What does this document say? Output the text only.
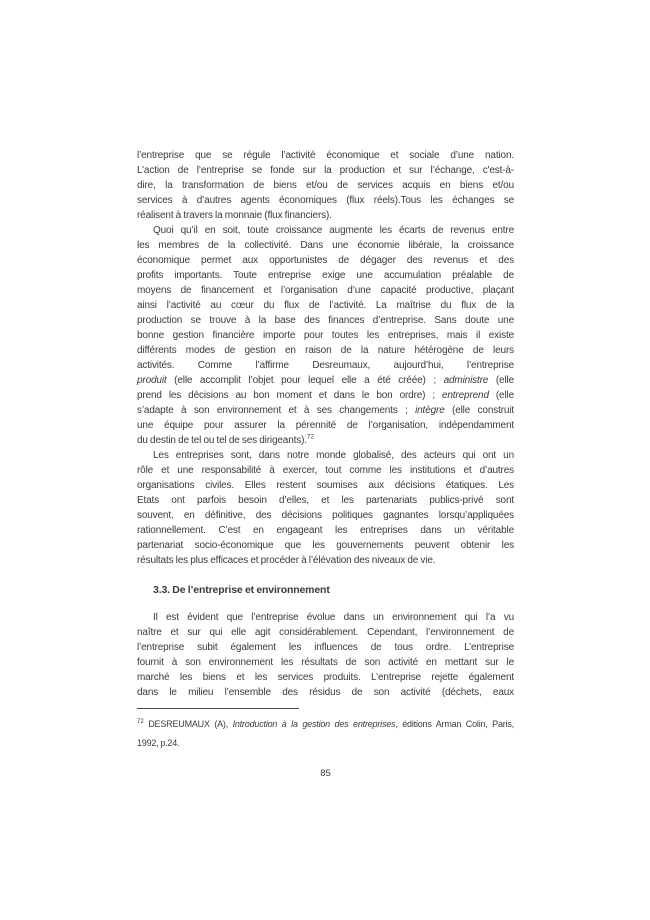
l’entreprise que se régule l’activité économique et sociale d’une nation.
L’action de l’entreprise se fonde sur la production et sur l’échange, c'est-à-
dire, la transformation de biens et/ou de services acquis en biens et/ou
services à d’autres agents économiques (flux réels).Tous les échanges se
réalisent à travers la monnaie (flux financiers).
Quoi qu’il en soit, toute croissance augmente les écarts de revenus entre
les membres de la collectivité. Dans une économie libérale, la croissance
économique permet aux opportunistes de dégager des revenus et des
profits importants. Toute entreprise exige une accumulation préalable de
moyens de financement et l’organisation d’une capacité productive, plaçant
ainsi l’activité au cœur du flux de l’activité. La maîtrise du flux de la
production se trouve à la base des finances d’entreprise. Sans doute une
bonne gestion financière importe pour toutes les entreprises, mais il existe
différents modes de gestion en raison de la nature hétérogène de leurs
activités. Comme l’affirme Desreumaux, aujourd’hui, l’entreprise
produit (elle accomplit l’objet pour lequel elle a été créée) ; administre (elle
prend les décisions au bon moment et dans le bon ordre) ; entreprend (elle
s’adapte à son environnement et à ses changements ; intègre (elle construit
une équipe pour assurer la pérennité de l’organisation, indépendamment
du destin de tel ou tel de ses dirigeants).$^{72}$
Les entreprises sont, dans notre monde globalisé, des acteurs qui ont un
rôle et une responsabilité à exercer, tout comme les institutions et d’autres
organisations civiles. Elles restent soumises aux décisions étatiques. Les
Etats ont parfois besoin d’elles, et les partenariats publics-privé sont
souvent, en définitive, des décisions politiques gagnantes lorsqu’appliquées
rationnellement. C’est en engageant les entreprises dans un véritable
partenariat socio-économique que les gouvernements peuvent obtenir les
résultats les plus efficaces et procéder à l’élévation des niveaux de vie.
3.3. De l’entreprise et environnement
Il est évident que l’entreprise évolue dans un environnement qui l’a vu
naître et sur qui elle agit considérablement. Cependant, l’environnement de
l’entreprise subit également les influences de tous ordre. L’entreprise
fournit à son environnement les résultats de son activité en mettant sur le
marché les biens et les services produits. L’entreprise rejette également
dans le milieu l’ensemble des résidus de son activité (déchets, eaux
$^{72}$ DESREUMAUX (A), Introduction à la gestion des entreprises, éditions Arman Colin, Paris,
1992, p.24.
85
